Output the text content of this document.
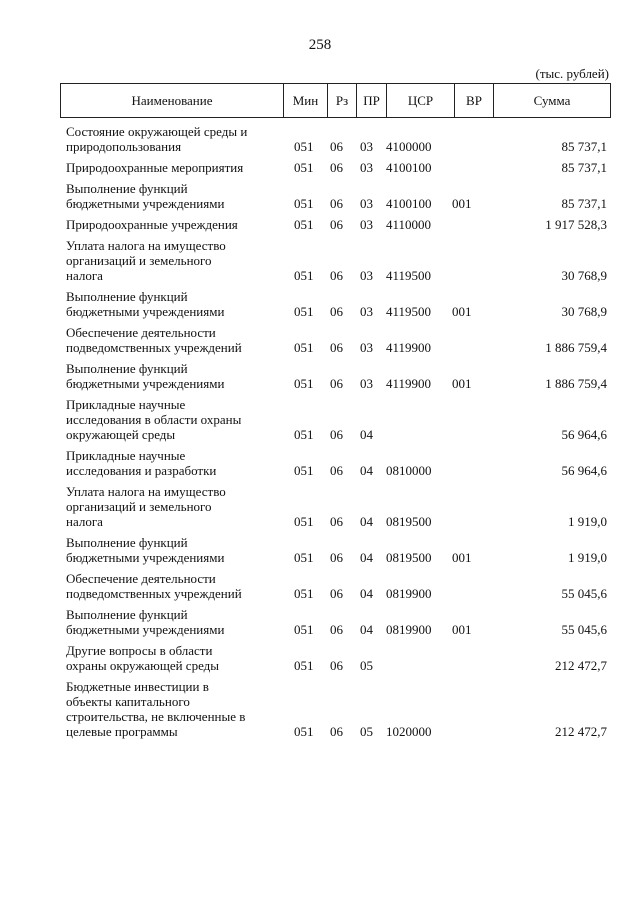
258
(тыс. рублей)
Наименование	Мин	Рз	ПР	ЦСР	ВР	Сумма
Состояние окружающей среды и
природопользования	051 06 03 4100000	85 737,1
Природоохранные мероприятия	051 06 03 4100100	85 737,1
Выполнение функций
бюджетными учреждениями	051 06 03 4100100 001	85 737,1
Природоохранные учреждения	051 06 03 4110000	1 917 528,3
Уплата налога на имущество
организаций и земельного
налога	051 06 03 4119500	30 768,9
Выполнение функций
бюджетными учреждениями	051 06 03 4119500 001	30 768,9
Обеспечение деятельности
подведомственных учреждений	051 06 03 4119900	1 886 759,4
Выполнение функций
бюджетными учреждениями	051 06 03 4119900 001	1 886 759,4
Прикладные научные
исследования в области охраны
окружающей среды	051 06 04	56 964,6
Прикладные научные
исследования и разработки	051 06 04 0810000	56 964,6
Уплата налога на имущество
организаций и земельного
налога	051 06 04 0819500	1 919,0
Выполнение функций
бюджетными учреждениями	051 06 04 0819500 001	1 919,0
Обеспечение деятельности
подведомственных учреждений	051 06 04 0819900	55 045,6
Выполнение функций
бюджетными учреждениями	051 06 04 0819900 001	55 045,6
Другие вопросы в области
охраны окружающей среды	051 06 05	212 472,7
Бюджетные инвестиции в
объекты капитального
строительства, не включенные в
целевые программы	051 06 05 1020000	212 472,7
